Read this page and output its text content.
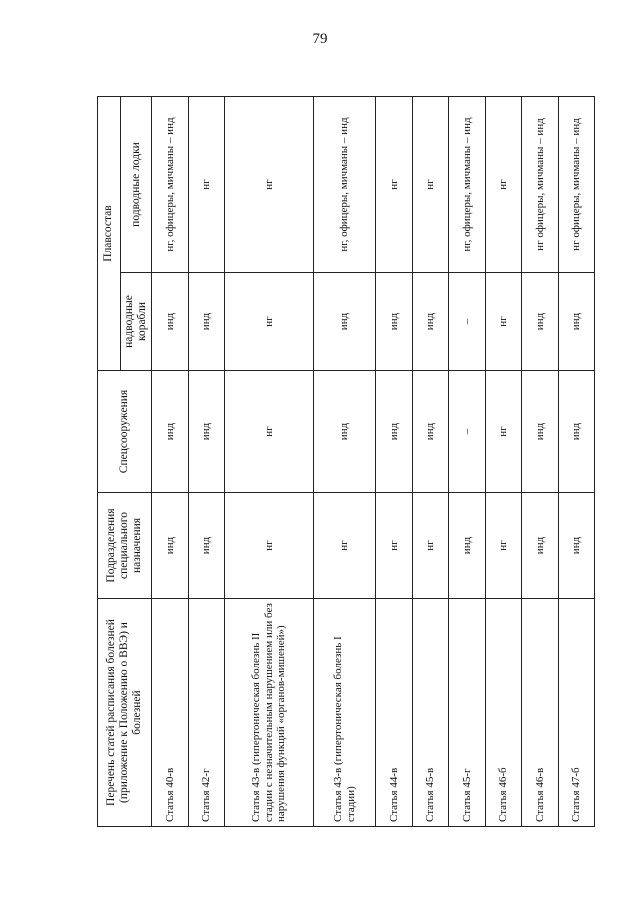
79
Перечень статей расписания болезней (приложение к Положению о ВВЭ) и болезней	Подразделения специального назначения	Спецсооружения	Плавсостав	
			надводные корабли	подводные лодки
Статья 40-в	инд	инд	инд	нг, офицеры, мичманы – инд
Статья 42-г	инд	инд	инд	нг
Статья 43-в (гипертоническая болезнь II стадии с незначительным нарушением или без нарушения функций «органов-мишеней»)	нг	нг	нг	нг
Статья 43-в (гипертоническая болезнь I стадии)	нг	инд	инд	нг, офицеры, мичманы – инд
Статья 44-в	нг	инд	инд	нг
Статья 45-в	нг	инд	инд	нг
Статья 45-г	инд	–	–	нг, офицеры, мичманы – инд
Статья 46-б	нг	нг	нг	нг
Статья 46-в	инд	инд	инд	нг офицеры, мичманы – инд
Статья 47-б	инд	инд	инд	нг офицеры, мичманы – инд
